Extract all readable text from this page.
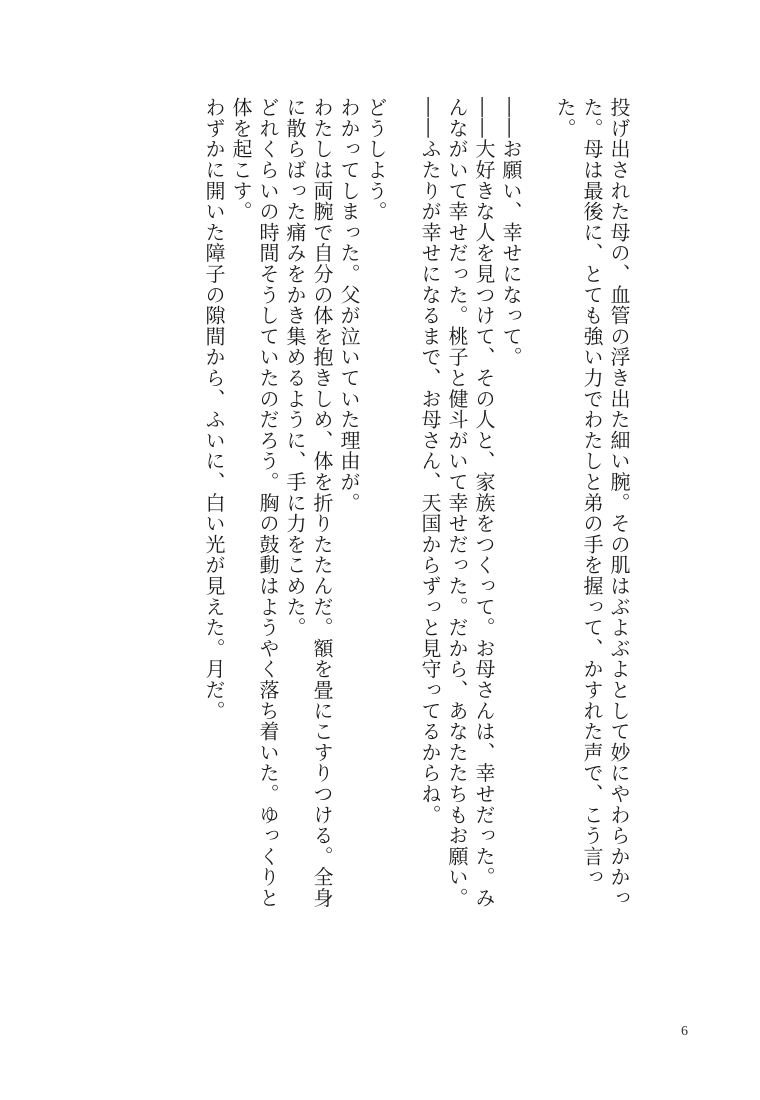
投げ出された母の、血管の浮き出た細い腕。その肌はぶよぶよとして妙にやわらかかった。母は最後に、とても強い力でわたしと弟の手を握って、かすれた声で、こう言った。

――お願い、幸せになって。

――大好きな人を見つけて、その人と、家族をつくって。お母さんは、幸せだった。みんながいて幸せだった。桃子と健斗がいて幸せだった。だから、あなたたちもお願い。

――ふたりが幸せになるまで、お母さん、天国からずっと見守ってるからね。

どうしよう。

わかってしまった。父が泣いていた理由が。

わたしは両腕で自分の体を抱きしめ、体を折りたたんだ。額を畳にこすりつける。全身に散らばった痛みをかき集めるように、手に力をこめた。

どれくらいの時間そうしていたのだろう。胸の鼓動はようやく落ち着いた。ゆっくりと体を起こす。

わずかに開いた障子の隙間から、ふいに、白い光が見えた。月だ。

6
